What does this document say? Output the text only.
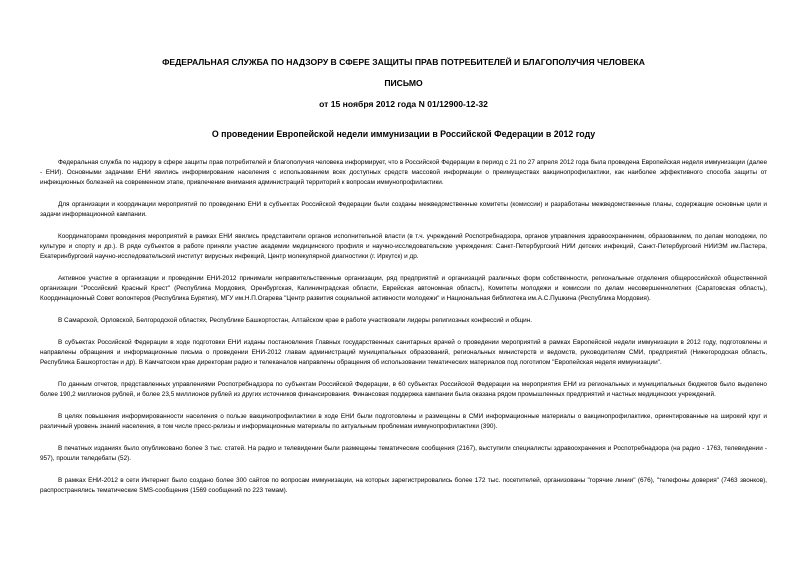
ФЕДЕРАЛЬНАЯ СЛУЖБА ПО НАДЗОРУ В СФЕРЕ ЗАЩИТЫ ПРАВ ПОТРЕБИТЕЛЕЙ И БЛАГОПОЛУЧИЯ ЧЕЛОВЕКА
ПИСЬМО
от 15 ноября 2012 года N 01/12900-12-32
О проведении Европейской недели иммунизации в Российской Федерации в 2012 году

Федеральная служба по надзору в сфере защиты прав потребителей и благополучия человека информирует, что в Российской Федерации в период с 21 по 27 апреля 2012 года была проведена Европейская неделя иммунизации (далее - ЕНИ). Основными задачами ЕНИ явились информирование населения с использованием всех доступных средств массовой информации о преимуществах вакцинопрофилактики, как наиболее эффективного способа защиты от инфекционных болезней на современном этапе, привлечение внимания администраций территорий к вопросам иммунопрофилактики.

Для организации и координации мероприятий по проведению ЕНИ в субъектах Российской Федерации были созданы межведомственные комитеты (комиссии) и разработаны межведомственные планы, содержащие основные цели и задачи информационной кампании.

Координаторами проведения мероприятий в рамках ЕНИ явились представители органов исполнительной власти (в т.ч. учреждений Роспотребнадзора, органов управления здравоохранением, образованием, по делам молодежи, по культуре и спорту и др.). В ряде субъектов в работе приняли участие академии медицинского профиля и научно-исследовательские учреждения: Санкт-Петербургский НИИ детских инфекций, Санкт-Петербургский НИИЭМ им.Пастера, Екатеринбургский научно-исследовательский институт вирусных инфекций, Центр молекулярной диагностики (г. Иркутск) и др.

Активное участие в организации и проведении ЕНИ-2012 принимали неправительственные организации, ряд предприятий и организаций различных форм собственности, региональные отделения общероссийской общественной организации "Российский Красный Крест" (Республика Мордовия, Оренбургская, Калининградская области, Еврейская автономная область), Комитеты молодежи и комиссии по делам несовершеннолетних (Саратовская область), Координационный Совет волонтеров (Республика Бурятия), МГУ им.Н.П.Огарева "Центр развития социальной активности молодежи" и Национальная библиотека им.А.С.Пушкина (Республика Мордовия).

В Самарской, Орловской, Белгородской областях, Республике Башкортостан, Алтайском крае в работе участвовали лидеры религиозных конфессий и общин.

В субъектах Российской Федерации в ходе подготовки ЕНИ изданы постановления Главных государственных санитарных врачей о проведении мероприятий в рамках Европейской недели иммунизации в 2012 году, подготовлены и направлены обращения и информационные письма о проведении ЕНИ-2012 главам администраций муниципальных образований, региональных министерств и ведомств, руководителям СМИ, предприятий (Нижегородская область, Республика Башкортостан и др). В Камчатском крае директорам радио и телеканалов направлены обращения об использовании тематических материалов под логотипом "Европейская неделя иммунизации".

По данным отчетов, представленных управлениями Роспотребнадзора по субъектам Российской Федерации, в 60 субъектах Российской Федерации на мероприятия ЕНИ из региональных и муниципальных бюджетов было выделено более 190,2 миллионов рублей, и более 23,5 миллионов рублей из других источников финансирования. Финансовая поддержка кампании была оказана рядом промышленных предприятий и частных медицинских учреждений.

В целях повышения информированности населения о пользе вакцинопрофилактики в ходе ЕНИ были подготовлены и размещены в СМИ информационные материалы о вакцинопрофилактике, ориентированные на широкий круг и различный уровень знаний населения, в том числе пресс-релизы и информационные материалы по актуальным проблемам иммунопрофилактики (390).

В печатных изданиях было опубликовано более 3 тыс. статей. На радио и телевидении были размещены тематические сообщения (2167), выступили специалисты здравоохранения и Роспотребнадзора (на радио - 1763, телевидении - 957), прошли теледебаты (52).

В рамках ЕНИ-2012 в сети Интернет было создано более 300 сайтов по вопросам иммунизации, на которых зарегистрировались более 172 тыс. посетителей, организованы "горячие линии" (676), "телефоны доверия" (7463 звонков), распространялись тематические SMS-сообщения (1569 сообщений по 223 темам).
